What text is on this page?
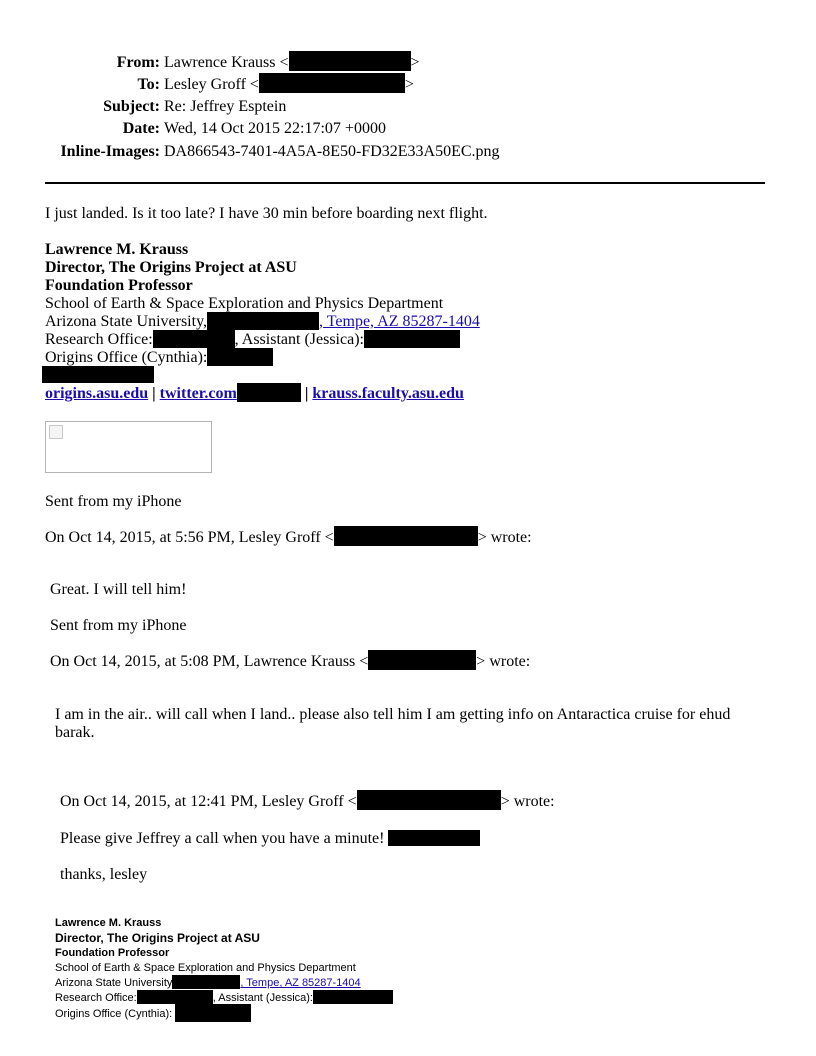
From: Lawrence Krauss <	>
To: Lesley Groff <	>
Subject: Re: Jeffrey Esptein
Date: Wed, 14 Oct 2015 22:17:07 +0000
Inline-Images: DA866543-7401-4A5A-8E50-FD32E33A50EC.png
I just landed. Is it too late? I have 30 min before boarding next flight.
Lawrence M. Krauss
Director, The Origins Project at ASU
Foundation Professor
School of Earth & Space Exploration and Physics Department
Arizona State University,	, Tempe, AZ 85287-1404
Research Office:	, Assistant (Jessica):
Origins Office (Cynthia):
origins.asu.edu | twitter.com	| krauss.faculty.asu.edu
Sent from my iPhone
On Oct 14, 2015, at 5:56 PM, Lesley Groff <	> wrote:
Great. I will tell him!
Sent from my iPhone
On Oct 14, 2015, at 5:08 PM, Lawrence Krauss <	> wrote:
I am in the air.. will call when I land.. please also tell him I am getting info on Antaractica cruise for ehud
barak.
On Oct 14, 2015, at 12:41 PM, Lesley Groff <	> wrote:
Please give Jeffrey a call when you have a minute!
thanks, lesley
Lawrence M. Krauss
Director, The Origins Project at ASU
Foundation Professor
School of Earth & Space Exploration and Physics Department
Arizona State University	, Tempe, AZ 85287-1404
Research Office:	, Assistant (Jessica):
Origins Office (Cynthia):
